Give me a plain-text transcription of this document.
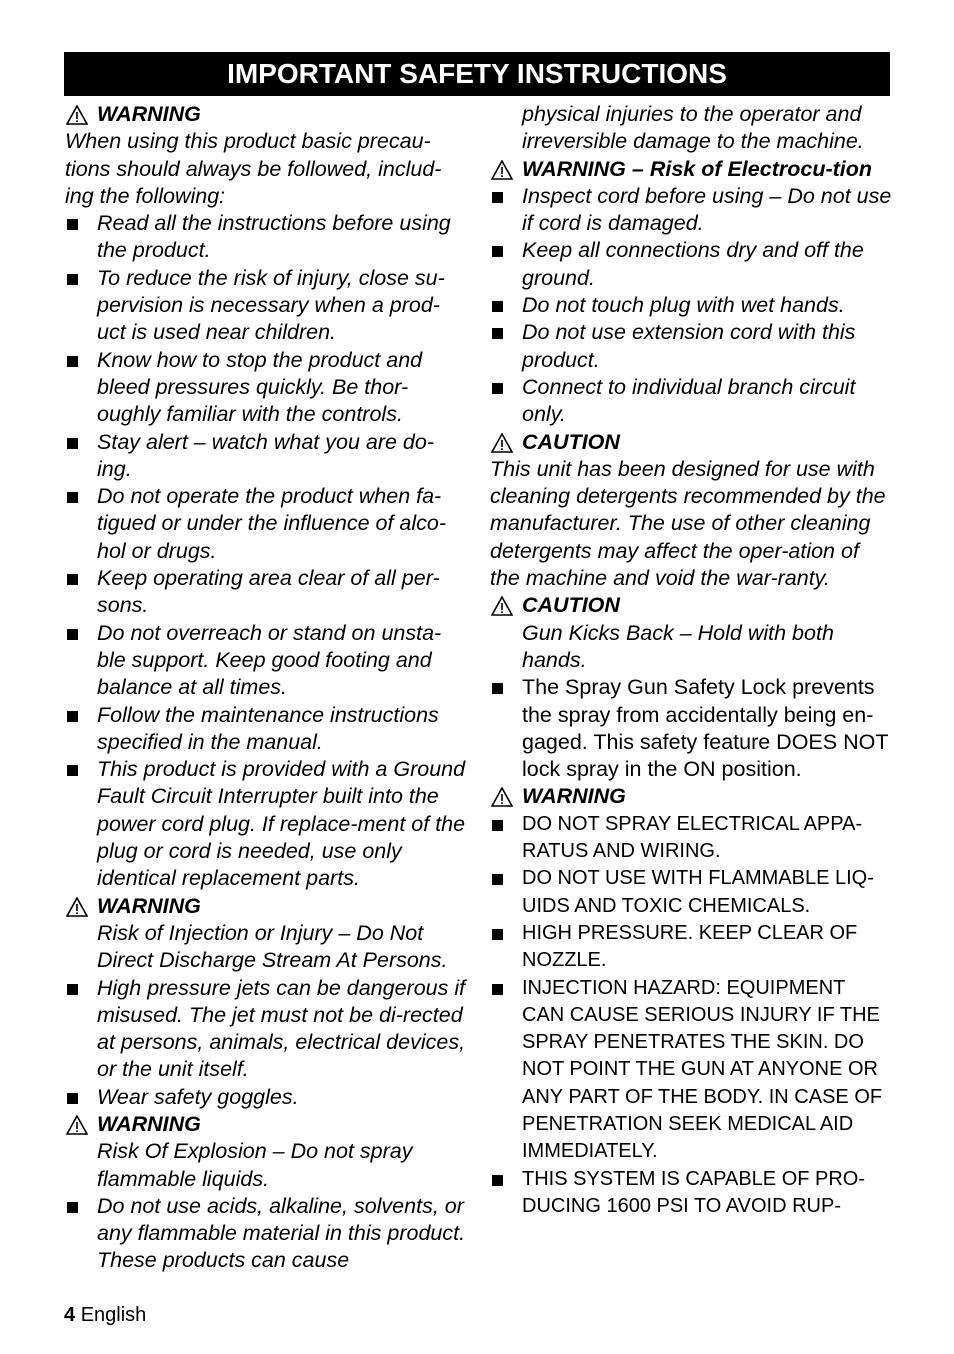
IMPORTANT SAFETY INSTRUCTIONS
WARNING
When using this product basic precau-tions should always be followed, includ-ing the following:
Read all the instructions before using the product.
To reduce the risk of injury, close su-pervision is necessary when a prod-uct is used near children.
Know how to stop the product and bleed pressures quickly. Be thor-oughly familiar with the controls.
Stay alert – watch what you are do-ing.
Do not operate the product when fa-tigued or under the influence of alco-hol or drugs.
Keep operating area clear of all per-sons.
Do not overreach or stand on unsta-ble support. Keep good footing and balance at all times.
Follow the maintenance instructions specified in the manual.
This product is provided with a Ground Fault Circuit Interrupter built into the power cord plug. If replace-ment of the plug or cord is needed, use only identical replacement parts.
WARNING
Risk of Injection or Injury – Do Not Direct Discharge Stream At Persons.
High pressure jets can be dangerous if misused. The jet must not be di-rected at persons, animals, electrical devices, or the unit itself.
Wear safety goggles.
WARNING
Risk Of Explosion – Do not spray flammable liquids.
Do not use acids, alkaline, solvents, or any flammable material in this product. These products can cause
physical injuries to the operator and irreversible damage to the machine.
WARNING – Risk of Electrocu-tion
Inspect cord before using – Do not use if cord is damaged.
Keep all connections dry and off the ground.
Do not touch plug with wet hands.
Do not use extension cord with this product.
Connect to individual branch circuit only.
CAUTION
This unit has been designed for use with cleaning detergents recommended by the manufacturer. The use of other cleaning detergents may affect the oper-ation of the machine and void the war-ranty.
CAUTION
Gun Kicks Back – Hold with both hands.
The Spray Gun Safety Lock prevents the spray from accidentally being en-gaged. This safety feature DOES NOT lock spray in the ON position.
WARNING
DO NOT SPRAY ELECTRICAL APPA-RATUS AND WIRING.
DO NOT USE WITH FLAMMABLE LIQ-UIDS AND TOXIC CHEMICALS.
HIGH PRESSURE. KEEP CLEAR OF NOZZLE.
INJECTION HAZARD: EQUIPMENT CAN CAUSE SERIOUS INJURY IF THE SPRAY PENETRATES THE SKIN. DO NOT POINT THE GUN AT ANYONE OR ANY PART OF THE BODY. IN CASE OF PENETRATION SEEK MEDICAL AID IMMEDIATELY.
THIS SYSTEM IS CAPABLE OF PRO-DUCING 1600 PSI TO AVOID RUP-
4 English
